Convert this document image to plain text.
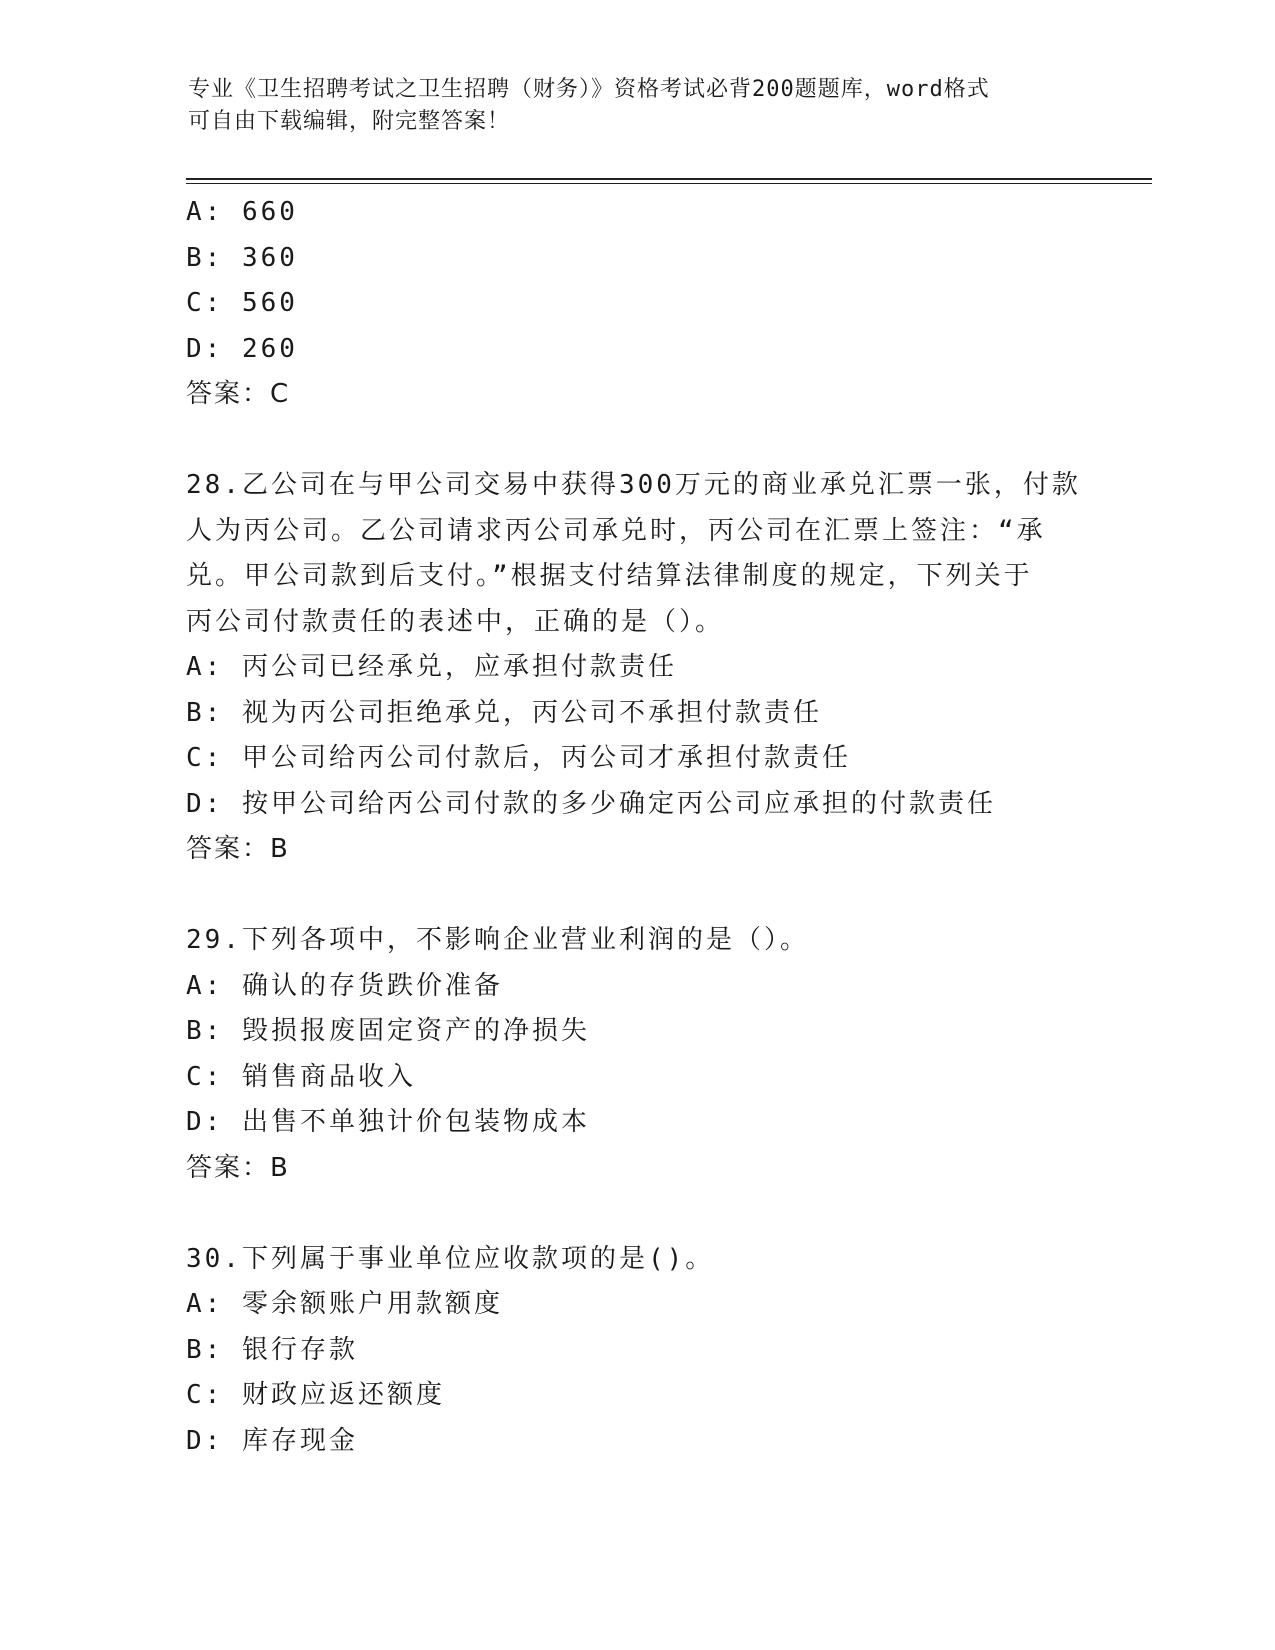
专业《卫生招聘考试之卫生招聘（财务）》资格考试必背200题题库，word格式
可自由下载编辑，附完整答案！
A: 660
B: 360
C: 560
D: 260
答案：C
28.乙公司在与甲公司交易中获得300万元的商业承兑汇票一张，付款
人为丙公司。乙公司请求丙公司承兑时，丙公司在汇票上签注：“承
兑。甲公司款到后支付。”根据支付结算法律制度的规定，下列关于
丙公司付款责任的表述中，正确的是（）。
A: 丙公司已经承兑，应承担付款责任
B: 视为丙公司拒绝承兑，丙公司不承担付款责任
C: 甲公司给丙公司付款后，丙公司才承担付款责任
D: 按甲公司给丙公司付款的多少确定丙公司应承担的付款责任
答案：B
29.下列各项中，不影响企业营业利润的是（）。
A: 确认的存货跌价准备
B: 毁损报废固定资产的净损失
C: 销售商品收入
D: 出售不单独计价包装物成本
答案：B
30.下列属于事业单位应收款项的是()。
A: 零余额账户用款额度
B: 银行存款
C: 财政应返还额度
D: 库存现金
